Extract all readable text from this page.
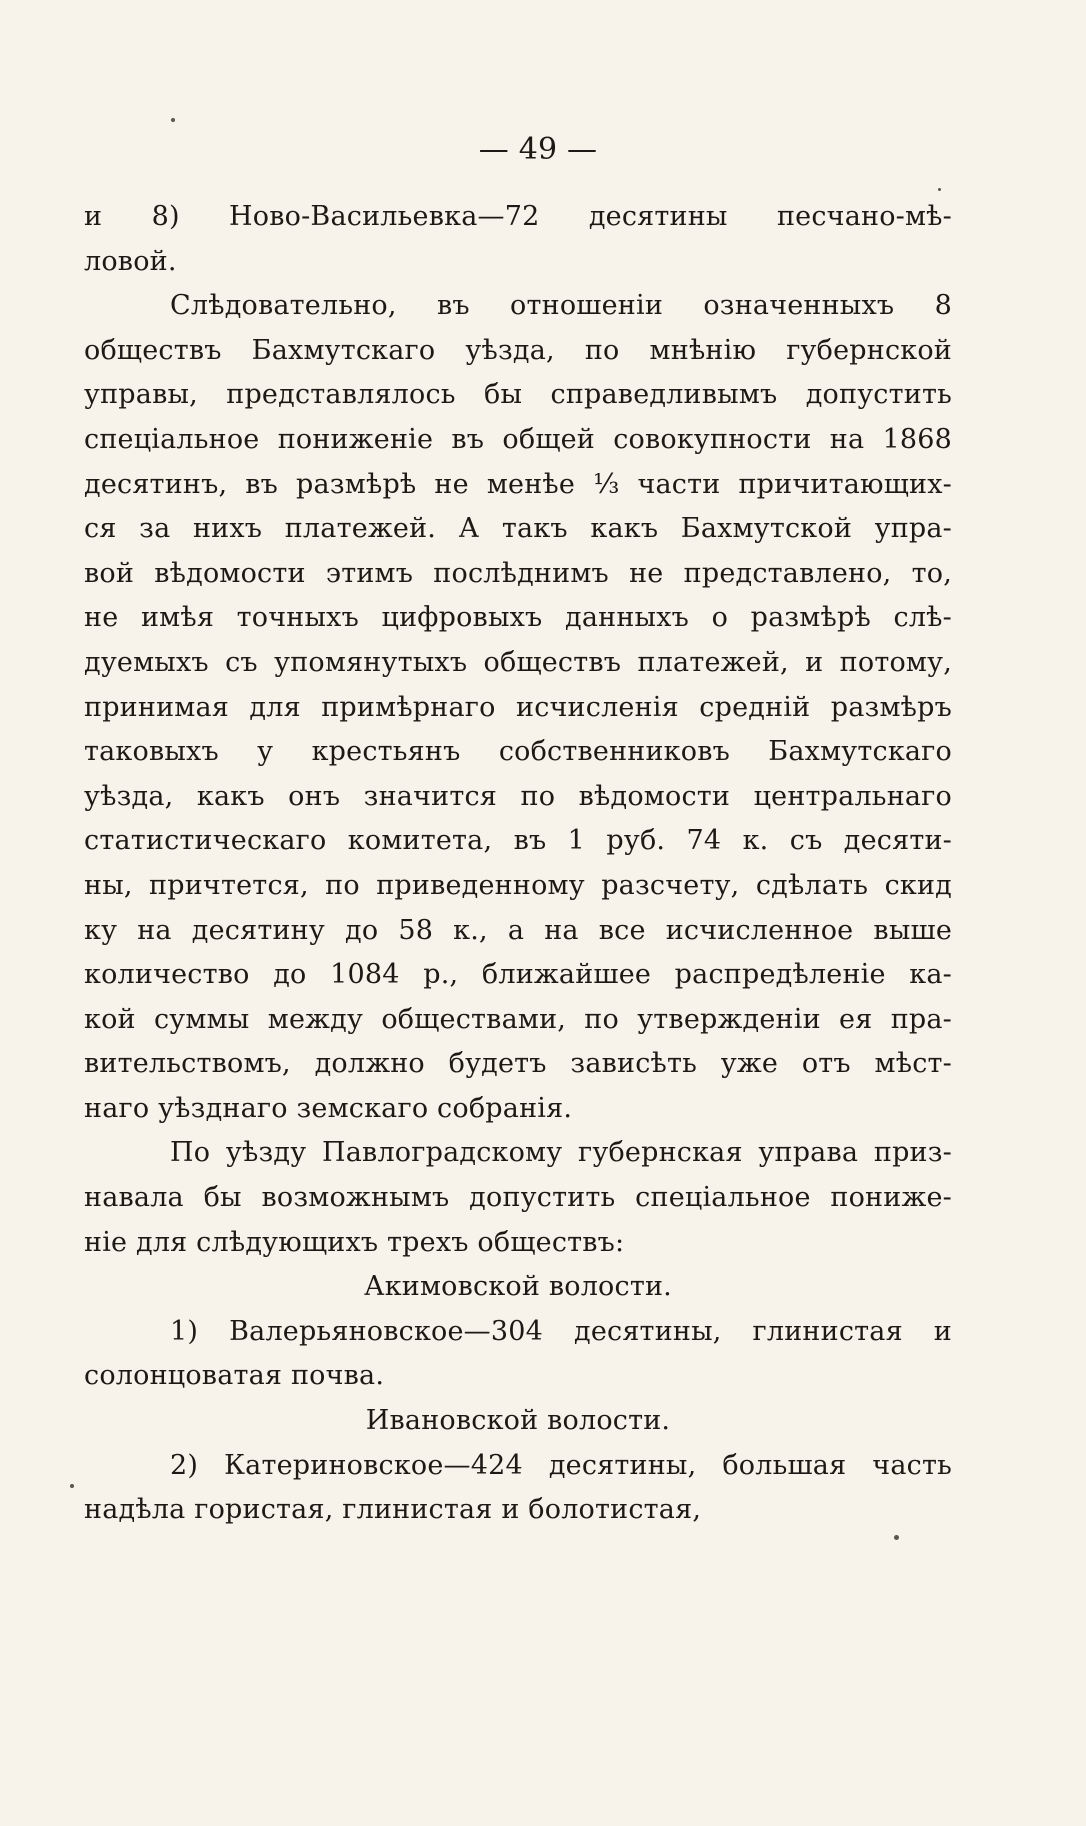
— 49 —
и 8) Ново-Васильевка—72 десятины песчано-мѣ-
ловой.
Слѣдовательно, въ отношеніи означенныхъ 8
обществъ Бахмутскаго уѣзда, по мнѣнію губернской
управы, представлялось бы справедливымъ допустить
спеціальное пониженіе въ общей совокупности на 1868
десятинъ, въ размѣрѣ не менѣе ⅓ части причитающих-
ся за нихъ платежей. А такъ какъ Бахмутской упра-
вой вѣдомости этимъ послѣднимъ не представлено, то,
не имѣя точныхъ цифровыхъ данныхъ о размѣрѣ слѣ-
дуемыхъ съ упомянутыхъ обществъ платежей, и потому,
принимая для примѣрнаго исчисленія средній размѣръ
таковыхъ у крестьянъ собственниковъ Бахмутскаго
уѣзда, какъ онъ значится по вѣдомости центральнаго
статистическаго комитета, въ 1 руб. 74 к. съ десяти-
ны, причтется, по приведенному разсчету, сдѣлать скид
ку на десятину до 58 к., а на все исчисленное выше
количество до 1084 р., ближайшее распредѣленіе ка-
кой суммы между обществами, по утвержденіи ея пра-
вительствомъ, должно будетъ зависѣть уже отъ мѣст-
наго уѣзднаго земскаго собранія.
По уѣзду Павлоградскому губернская управа приз-
навала бы возможнымъ допустить спеціальное пониже-
ніе для слѣдующихъ трехъ обществъ:
Акимовской волости.
1) Валерьяновское—304 десятины, глинистая и
солонцоватая почва.
Ивановской волости.
2) Катериновское—424 десятины, большая часть
надѣла гористая, глинистая и болотистая,
